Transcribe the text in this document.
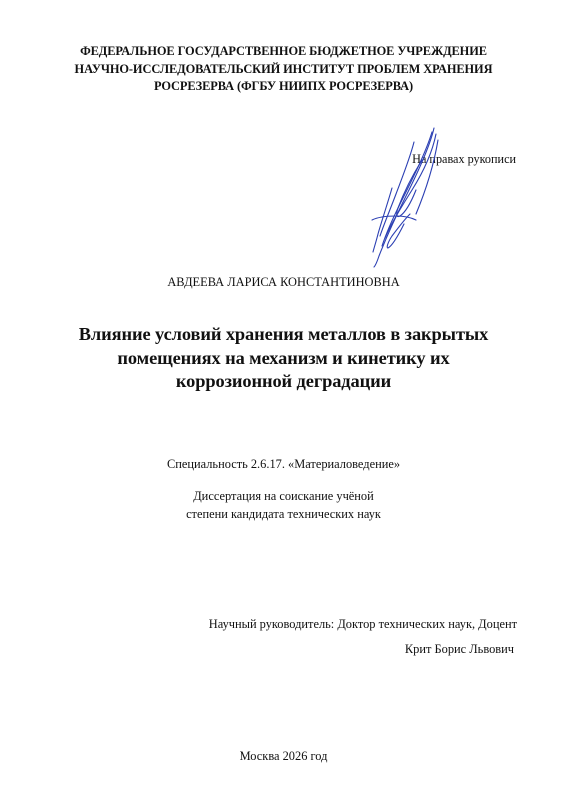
ФЕДЕРАЛЬНОЕ ГОСУДАРСТВЕННОЕ БЮДЖЕТНОЕ УЧРЕЖДЕНИЕ
НАУЧНО-ИССЛЕДОВАТЕЛЬСКИЙ ИНСТИТУТ ПРОБЛЕМ ХРАНЕНИЯ
РОСРЕЗЕРВА (ФГБУ НИИПХ РОСРЕЗЕРВА)
На правах рукописи
АВДЕЕВА ЛАРИСА КОНСТАНТИНОВНА
Влияние условий хранения металлов в закрытых
помещениях на механизм и кинетику их
коррозионной деградации
Специальность 2.6.17. «Материаловедение»
Диссертация на соискание учёной
степени кандидата технических наук
Научный руководитель: Доктор технических наук, Доцент
Крит Борис Львович
Москва 2026 год
